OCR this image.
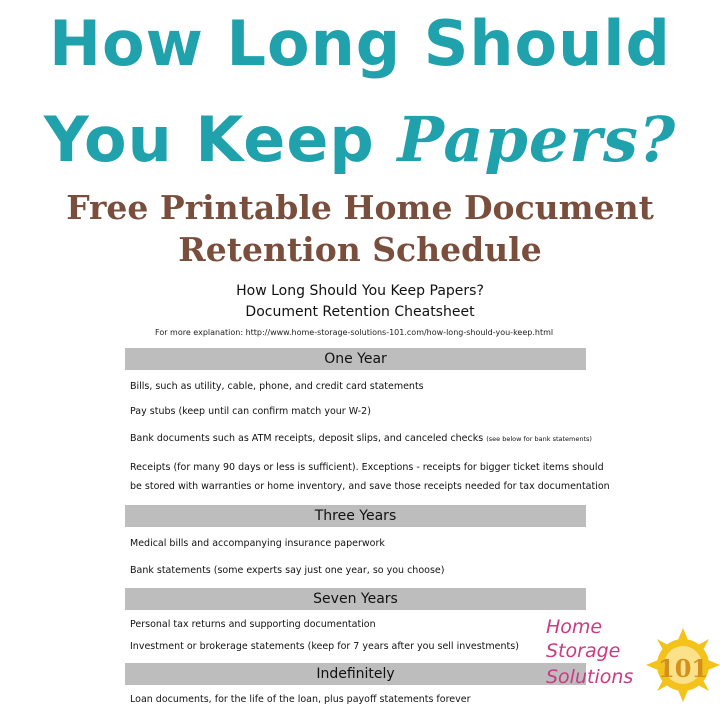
How Long Should
You Keep Papers?
Free Printable Home Document
Retention Schedule
How Long Should You Keep Papers?
Document Retention Cheatsheet
For more explanation: http://www.home-storage-solutions-101.com/how-long-should-you-keep.html
One Year
Bills, such as utility, cable, phone, and credit card statements
Pay stubs (keep until can confirm match your W-2)
Bank documents such as ATM receipts, deposit slips, and canceled checks (see below for bank statements)
Receipts (for many 90 days or less is sufficient). Exceptions - receipts for bigger ticket items should
be stored with warranties or home inventory, and save those receipts needed for tax documentation
Three Years
Medical bills and accompanying insurance paperwork
Bank statements (some experts say just one year, so you choose)
Seven Years
Personal tax returns and supporting documentation
Investment or brokerage statements (keep for 7 years after you sell investments)
Indefinitely
Loan documents, for the life of the loan, plus payoff statements forever
101
Home
Storage
Solutions
